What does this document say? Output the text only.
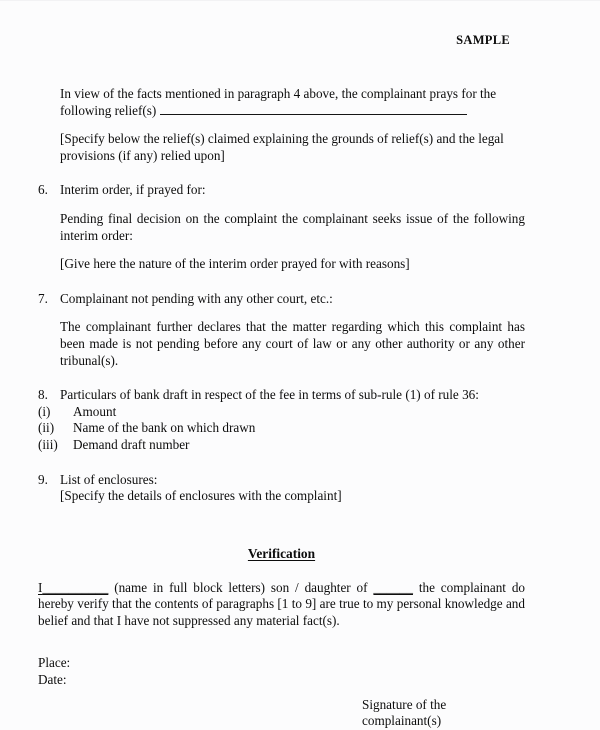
SAMPLE
In view of the facts mentioned in paragraph 4 above, the complainant prays for the
following relief(s)
[Specify below the relief(s) claimed explaining the grounds of relief(s) and the legal provisions (if any) relied upon]
6. Interim order, if prayed for:
Pending final decision on the complaint the complainant seeks issue of the following interim order:
[Give here the nature of the interim order prayed for with reasons]
7. Complainant not pending with any other court, etc.:
The complainant further declares that the matter regarding which this complaint has been made is not pending before any court of law or any other authority or any other tribunal(s).
8. Particulars of bank draft in respect of the fee in terms of sub-rule (1) of rule 36:
(i)	Amount
(ii)	Name of the bank on which drawn
(iii)	Demand draft number
9. List of enclosures:
[Specify the details of enclosures with the complaint]
Verification
I__________ (name in full block letters) son / daughter of ______ the complainant do hereby verify that the contents of paragraphs [1 to 9] are true to my personal knowledge and belief and that I have not suppressed any material fact(s).
Place:
Date:
Signature of the complainant(s)
